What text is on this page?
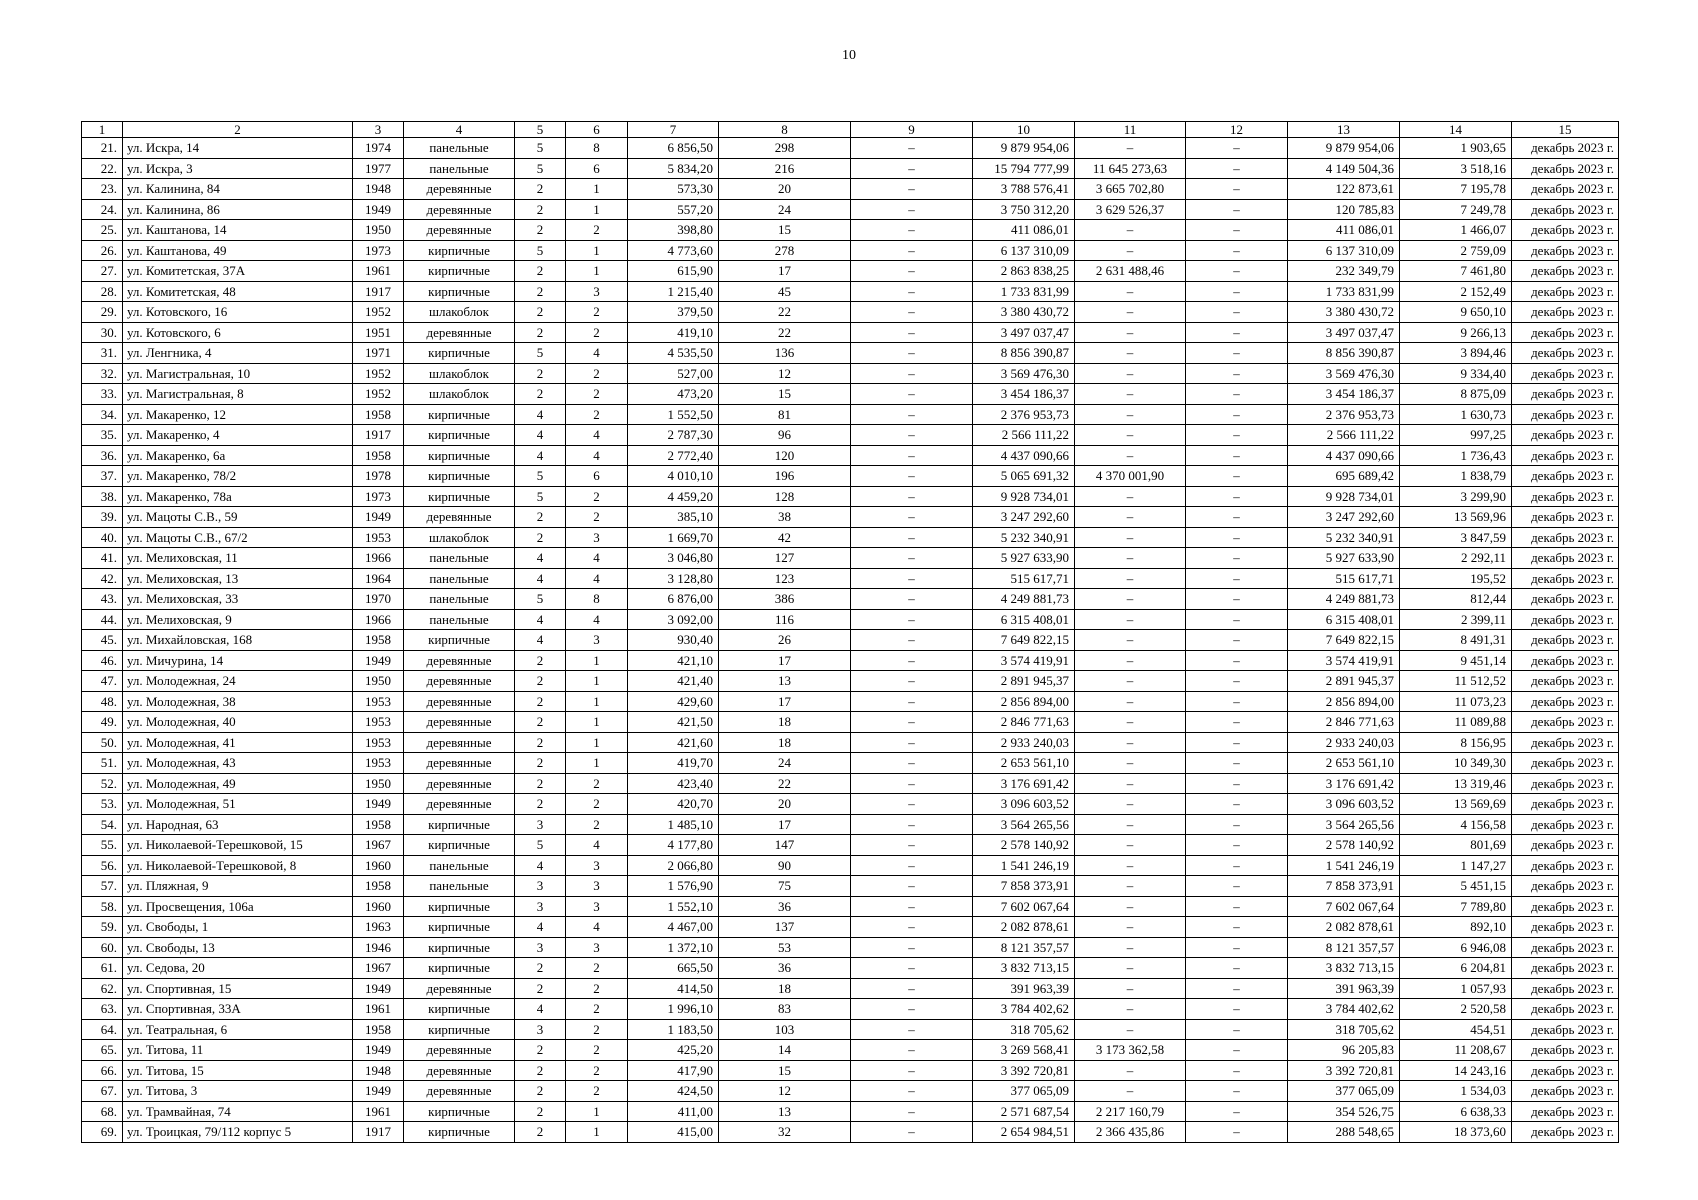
10
1	2	3	4	5	6	7	8	9	10	11	12	13	14	15
21.	ул. Искра, 14	1974	панельные	5	8	6 856,50	298	–	9 879 954,06	–	–	9 879 954,06	1 903,65	декабрь 2023 г.
22.	ул. Искра, 3	1977	панельные	5	6	5 834,20	216	–	15 794 777,99	11 645 273,63	–	4 149 504,36	3 518,16	декабрь 2023 г.
23.	ул. Калинина, 84	1948	деревянные	2	1	573,30	20	–	3 788 576,41	3 665 702,80	–	122 873,61	7 195,78	декабрь 2023 г.
24.	ул. Калинина, 86	1949	деревянные	2	1	557,20	24	–	3 750 312,20	3 629 526,37	–	120 785,83	7 249,78	декабрь 2023 г.
25.	ул. Каштанова, 14	1950	деревянные	2	2	398,80	15	–	411 086,01	–	–	411 086,01	1 466,07	декабрь 2023 г.
26.	ул. Каштанова, 49	1973	кирпичные	5	1	4 773,60	278	–	6 137 310,09	–	–	6 137 310,09	2 759,09	декабрь 2023 г.
27.	ул. Комитетская, 37А	1961	кирпичные	2	1	615,90	17	–	2 863 838,25	2 631 488,46	–	232 349,79	7 461,80	декабрь 2023 г.
28.	ул. Комитетская, 48	1917	кирпичные	2	3	1 215,40	45	–	1 733 831,99	–	–	1 733 831,99	2 152,49	декабрь 2023 г.
29.	ул. Котовского, 16	1952	шлакоблок	2	2	379,50	22	–	3 380 430,72	–	–	3 380 430,72	9 650,10	декабрь 2023 г.
30.	ул. Котовского, 6	1951	деревянные	2	2	419,10	22	–	3 497 037,47	–	–	3 497 037,47	9 266,13	декабрь 2023 г.
31.	ул. Ленгника, 4	1971	кирпичные	5	4	4 535,50	136	–	8 856 390,87	–	–	8 856 390,87	3 894,46	декабрь 2023 г.
32.	ул. Магистральная, 10	1952	шлакоблок	2	2	527,00	12	–	3 569 476,30	–	–	3 569 476,30	9 334,40	декабрь 2023 г.
33.	ул. Магистральная, 8	1952	шлакоблок	2	2	473,20	15	–	3 454 186,37	–	–	3 454 186,37	8 875,09	декабрь 2023 г.
34.	ул. Макаренко, 12	1958	кирпичные	4	2	1 552,50	81	–	2 376 953,73	–	–	2 376 953,73	1 630,73	декабрь 2023 г.
35.	ул. Макаренко, 4	1917	кирпичные	4	4	2 787,30	96	–	2 566 111,22	–	–	2 566 111,22	997,25	декабрь 2023 г.
36.	ул. Макаренко, 6а	1958	кирпичные	4	4	2 772,40	120	–	4 437 090,66	–	–	4 437 090,66	1 736,43	декабрь 2023 г.
37.	ул. Макаренко, 78/2	1978	кирпичные	5	6	4 010,10	196	–	5 065 691,32	4 370 001,90	–	695 689,42	1 838,79	декабрь 2023 г.
38.	ул. Макаренко, 78а	1973	кирпичные	5	2	4 459,20	128	–	9 928 734,01	–	–	9 928 734,01	3 299,90	декабрь 2023 г.
39.	ул. Мацоты С.В., 59	1949	деревянные	2	2	385,10	38	–	3 247 292,60	–	–	3 247 292,60	13 569,96	декабрь 2023 г.
40.	ул. Мацоты С.В., 67/2	1953	шлакоблок	2	3	1 669,70	42	–	5 232 340,91	–	–	5 232 340,91	3 847,59	декабрь 2023 г.
41.	ул. Мелиховская, 11	1966	панельные	4	4	3 046,80	127	–	5 927 633,90	–	–	5 927 633,90	2 292,11	декабрь 2023 г.
42.	ул. Мелиховская, 13	1964	панельные	4	4	3 128,80	123	–	515 617,71	–	–	515 617,71	195,52	декабрь 2023 г.
43.	ул. Мелиховская, 33	1970	панельные	5	8	6 876,00	386	–	4 249 881,73	–	–	4 249 881,73	812,44	декабрь 2023 г.
44.	ул. Мелиховская, 9	1966	панельные	4	4	3 092,00	116	–	6 315 408,01	–	–	6 315 408,01	2 399,11	декабрь 2023 г.
45.	ул. Михайловская, 168	1958	кирпичные	4	3	930,40	26	–	7 649 822,15	–	–	7 649 822,15	8 491,31	декабрь 2023 г.
46.	ул. Мичурина, 14	1949	деревянные	2	1	421,10	17	–	3 574 419,91	–	–	3 574 419,91	9 451,14	декабрь 2023 г.
47.	ул. Молодежная, 24	1950	деревянные	2	1	421,40	13	–	2 891 945,37	–	–	2 891 945,37	11 512,52	декабрь 2023 г.
48.	ул. Молодежная, 38	1953	деревянные	2	1	429,60	17	–	2 856 894,00	–	–	2 856 894,00	11 073,23	декабрь 2023 г.
49.	ул. Молодежная, 40	1953	деревянные	2	1	421,50	18	–	2 846 771,63	–	–	2 846 771,63	11 089,88	декабрь 2023 г.
50.	ул. Молодежная, 41	1953	деревянные	2	1	421,60	18	–	2 933 240,03	–	–	2 933 240,03	8 156,95	декабрь 2023 г.
51.	ул. Молодежная, 43	1953	деревянные	2	1	419,70	24	–	2 653 561,10	–	–	2 653 561,10	10 349,30	декабрь 2023 г.
52.	ул. Молодежная, 49	1950	деревянные	2	2	423,40	22	–	3 176 691,42	–	–	3 176 691,42	13 319,46	декабрь 2023 г.
53.	ул. Молодежная, 51	1949	деревянные	2	2	420,70	20	–	3 096 603,52	–	–	3 096 603,52	13 569,69	декабрь 2023 г.
54.	ул. Народная, 63	1958	кирпичные	3	2	1 485,10	17	–	3 564 265,56	–	–	3 564 265,56	4 156,58	декабрь 2023 г.
55.	ул. Николаевой-Терешковой, 15	1967	кирпичные	5	4	4 177,80	147	–	2 578 140,92	–	–	2 578 140,92	801,69	декабрь 2023 г.
56.	ул. Николаевой-Терешковой, 8	1960	панельные	4	3	2 066,80	90	–	1 541 246,19	–	–	1 541 246,19	1 147,27	декабрь 2023 г.
57.	ул. Пляжная, 9	1958	панельные	3	3	1 576,90	75	–	7 858 373,91	–	–	7 858 373,91	5 451,15	декабрь 2023 г.
58.	ул. Просвещения, 106а	1960	кирпичные	3	3	1 552,10	36	–	7 602 067,64	–	–	7 602 067,64	7 789,80	декабрь 2023 г.
59.	ул. Свободы, 1	1963	кирпичные	4	4	4 467,00	137	–	2 082 878,61	–	–	2 082 878,61	892,10	декабрь 2023 г.
60.	ул. Свободы, 13	1946	кирпичные	3	3	1 372,10	53	–	8 121 357,57	–	–	8 121 357,57	6 946,08	декабрь 2023 г.
61.	ул. Седова, 20	1967	кирпичные	2	2	665,50	36	–	3 832 713,15	–	–	3 832 713,15	6 204,81	декабрь 2023 г.
62.	ул. Спортивная, 15	1949	деревянные	2	2	414,50	18	–	391 963,39	–	–	391 963,39	1 057,93	декабрь 2023 г.
63.	ул. Спортивная, 33А	1961	кирпичные	4	2	1 996,10	83	–	3 784 402,62	–	–	3 784 402,62	2 520,58	декабрь 2023 г.
64.	ул. Театральная, 6	1958	кирпичные	3	2	1 183,50	103	–	318 705,62	–	–	318 705,62	454,51	декабрь 2023 г.
65.	ул. Титова, 11	1949	деревянные	2	2	425,20	14	–	3 269 568,41	3 173 362,58	–	96 205,83	11 208,67	декабрь 2023 г.
66.	ул. Титова, 15	1948	деревянные	2	2	417,90	15	–	3 392 720,81	–	–	3 392 720,81	14 243,16	декабрь 2023 г.
67.	ул. Титова, 3	1949	деревянные	2	2	424,50	12	–	377 065,09	–	–	377 065,09	1 534,03	декабрь 2023 г.
68.	ул. Трамвайная, 74	1961	кирпичные	2	1	411,00	13	–	2 571 687,54	2 217 160,79	–	354 526,75	6 638,33	декабрь 2023 г.
69.	ул. Троицкая, 79/112 корпус 5	1917	кирпичные	2	1	415,00	32	–	2 654 984,51	2 366 435,86	–	288 548,65	18 373,60	декабрь 2023 г.
